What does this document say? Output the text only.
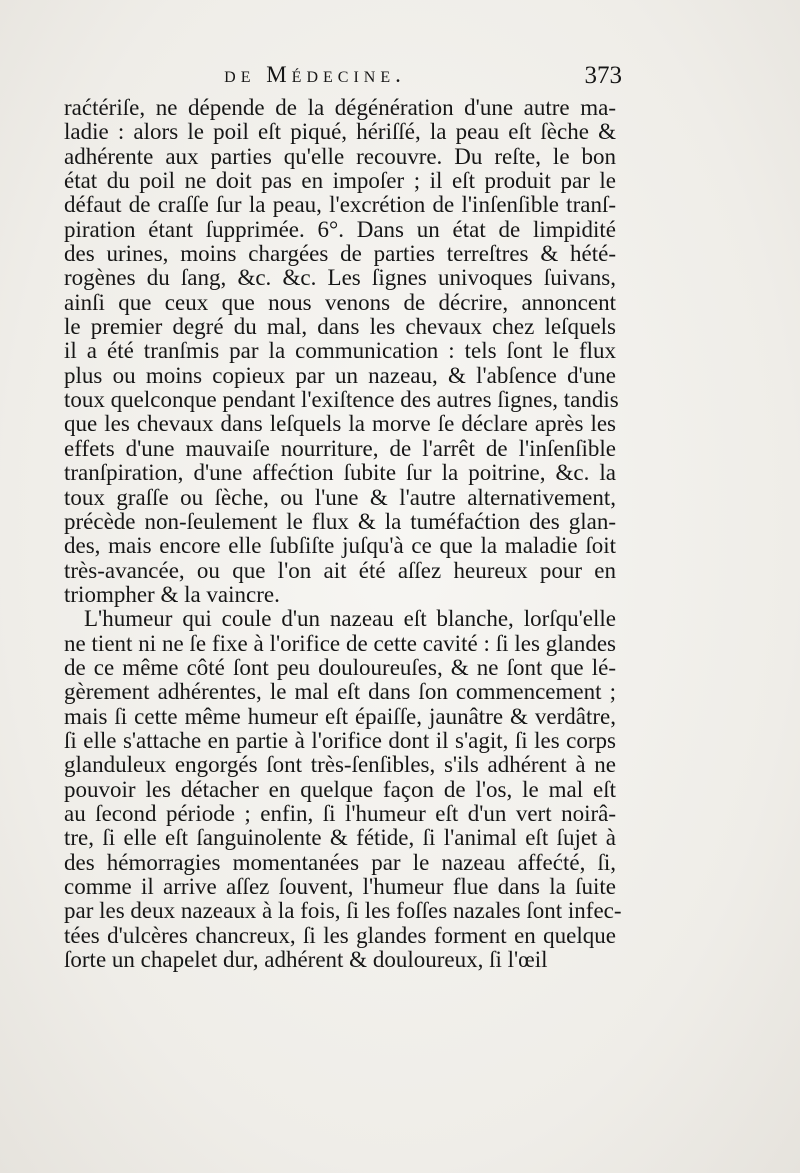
de Médecine.	373
raćtériſe, ne dépende de la dégénération d'une autre ma-
ladie : alors le poil eſt piqué, hériſſé, la peau eſt ſèche &
adhérente aux parties qu'elle recouvre. Du reſte, le bon
état du poil ne doit pas en impoſer ; il eſt produit par le
défaut de craſſe ſur la peau, l'excrétion de l'inſenſible tranſ-
piration étant ſupprimée. 6°. Dans un état de limpidité
des urines, moins chargées de parties terreſtres & hété-
rogènes du ſang, &c. &c. Les ſignes univoques ſuivans,
ainſi que ceux que nous venons de décrire, annoncent
le premier degré du mal, dans les chevaux chez leſquels
il a été tranſmis par la communication : tels ſont le flux
plus ou moins copieux par un nazeau, & l'abſence d'une
toux quelconque pendant l'exiſtence des autres ſignes, tandis
que les chevaux dans leſquels la morve ſe déclare après les
effets d'une mauvaiſe nourriture, de l'arrêt de l'inſenſible
tranſpiration, d'une affećtion ſubite ſur la poitrine, &c. la
toux graſſe ou ſèche, ou l'une & l'autre alternativement,
précède non-ſeulement le flux & la tuméfaćtion des glan-
des, mais encore elle ſubſiſte juſqu'à ce que la maladie ſoit
très-avancée, ou que l'on ait été aſſez heureux pour en
triompher & la vaincre.
L'humeur qui coule d'un nazeau eſt blanche, lorſqu'elle
ne tient ni ne ſe fixe à l'orifice de cette cavité : ſi les glandes
de ce même côté ſont peu douloureuſes, & ne ſont que lé-
gèrement adhérentes, le mal eſt dans ſon commencement ;
mais ſi cette même humeur eſt épaiſſe, jaunâtre & verdâtre,
ſi elle s'attache en partie à l'orifice dont il s'agit, ſi les corps
glanduleux engorgés ſont très-ſenſibles, s'ils adhérent à ne
pouvoir les détacher en quelque façon de l'os, le mal eſt
au ſecond période ; enfin, ſi l'humeur eſt d'un vert noirâ-
tre, ſi elle eſt ſanguinolente & fétide, ſi l'animal eſt ſujet à
des hémorragies momentanées par le nazeau affećté, ſi,
comme il arrive aſſez ſouvent, l'humeur flue dans la ſuite
par les deux nazeaux à la fois, ſi les foſſes nazales ſont infec-
tées d'ulcères chancreux, ſi les glandes forment en quelque
ſorte un chapelet dur, adhérent & douloureux, ſi l'œil
